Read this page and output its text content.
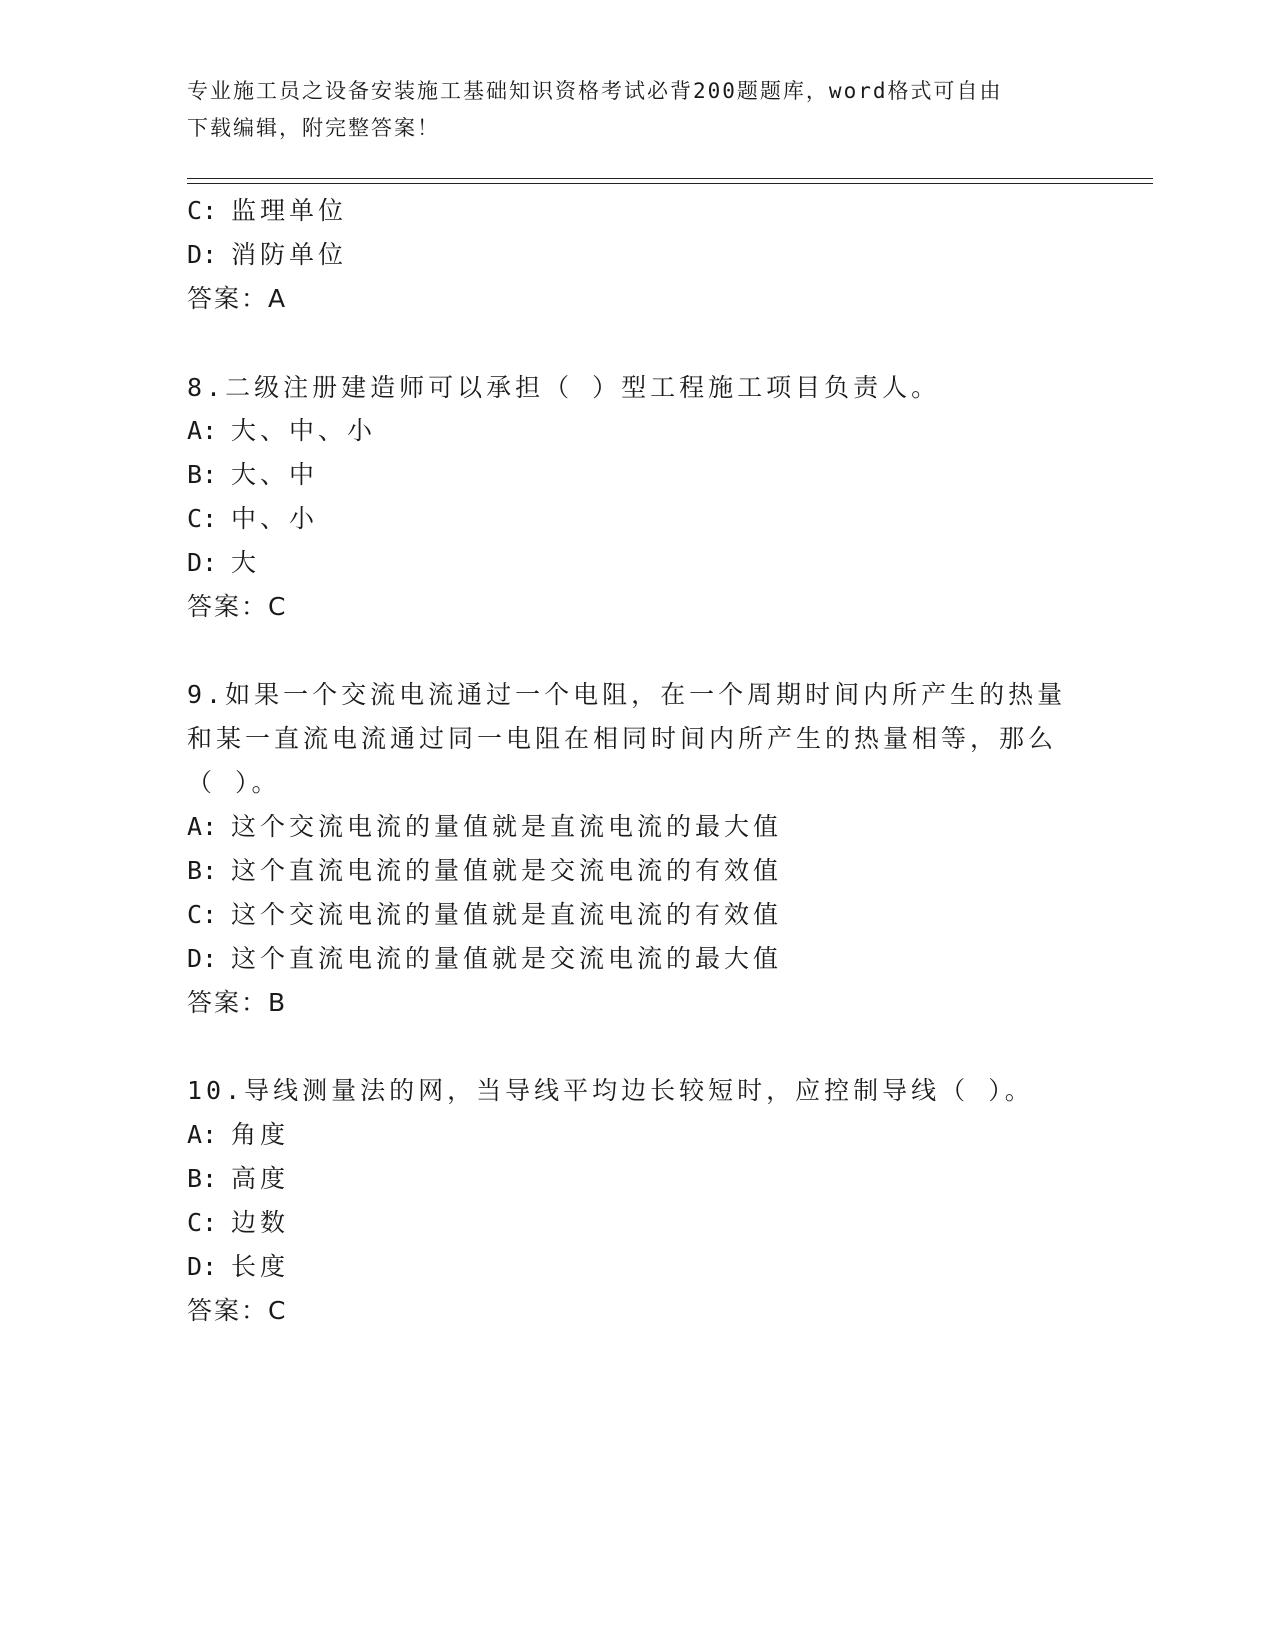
专业施工员之设备安装施工基础知识资格考试必背200题题库，word格式可自由
下载编辑，附完整答案！
C: 监理单位
D: 消防单位
答案：A
8.二级注册建造师可以承担（ ）型工程施工项目负责人。
A: 大、中、小
B: 大、中
C: 中、小
D: 大
答案：C
9.如果一个交流电流通过一个电阻，在一个周期时间内所产生的热量
和某一直流电流通过同一电阻在相同时间内所产生的热量相等，那么
（ ）。
A: 这个交流电流的量值就是直流电流的最大值
B: 这个直流电流的量值就是交流电流的有效值
C: 这个交流电流的量值就是直流电流的有效值
D: 这个直流电流的量值就是交流电流的最大值
答案：B
10.导线测量法的网，当导线平均边长较短时，应控制导线（ ）。
A: 角度
B: 高度
C: 边数
D: 长度
答案：C
